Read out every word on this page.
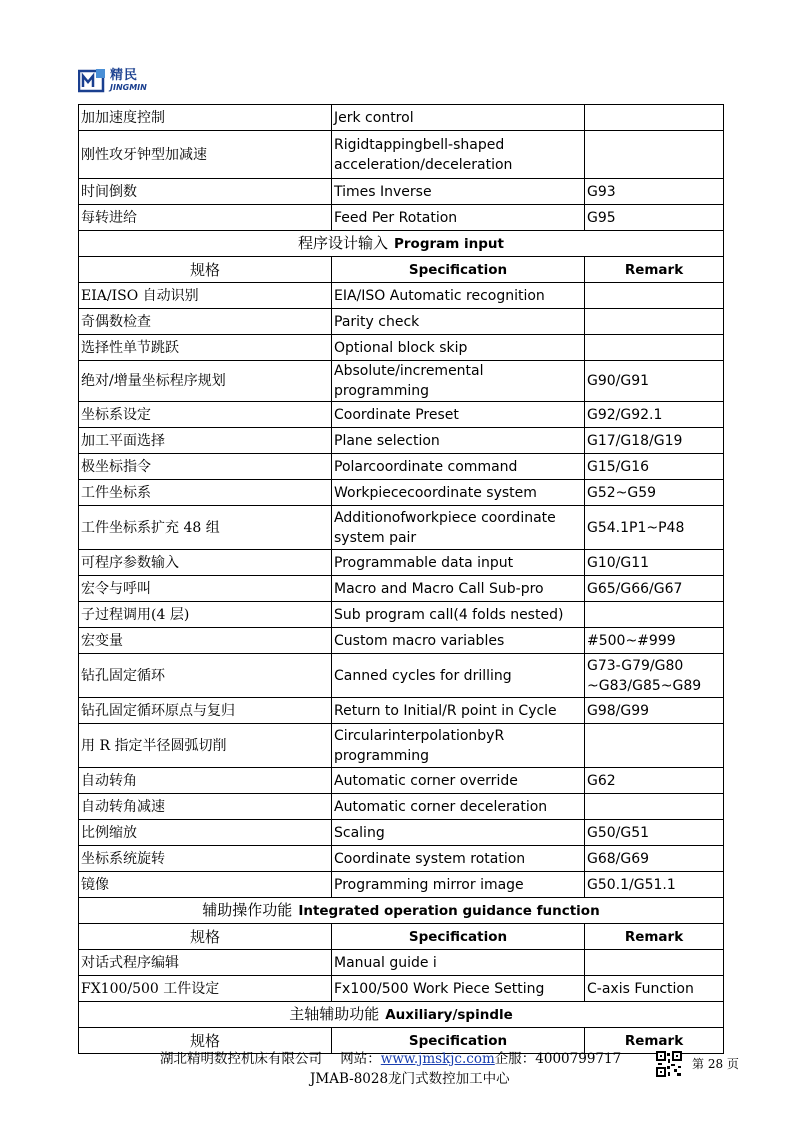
精民
JINGMIN
加加速度控制	Jerk control	
刚性攻牙钟型加减速	Rigidtappingbell-shaped acceleration/deceleration	
时间倒数	Times Inverse	G93
每转进给	Feed Per Rotation	G95
程序设计输入 Program input		
规格	Specification	Remark
EIA/ISO 自动识别	EIA/ISO Automatic recognition	
奇偶数检查	Parity check	
选择性单节跳跃	Optional block skip	
绝对/增量坐标程序规划	Absolute/incremental programming	G90/G91
坐标系设定	Coordinate Preset	G92/G92.1
加工平面选择	Plane selection	G17/G18/G19
极坐标指令	Polarcoordinate command	G15/G16
工件坐标系	Workpiececoordinate system	G52~G59
工件坐标系扩充 48 组	Additionofworkpiece coordinate system pair	G54.1P1~P48
可程序参数输入	Programmable data input	G10/G11
宏令与呼叫	Macro and Macro Call Sub-pro	G65/G66/G67
子过程调用(4 层)	Sub program call(4 folds nested)	
宏变量	Custom macro variables	#500~#999
钻孔固定循环	Canned cycles for drilling	G73-G79/G80 ~G83/G85~G89
钻孔固定循环原点与复归	Return to Initial/R point in Cycle	G98/G99
用 R 指定半径圆弧切削	CircularinterpolationbyR programming	
自动转角	Automatic corner override	G62
自动转角减速	Automatic corner deceleration	
比例缩放	Scaling	G50/G51
坐标系统旋转	Coordinate system rotation	G68/G69
镜像	Programming mirror image	G50.1/G51.1
辅助操作功能 Integrated operation guidance function		
规格	Specification	Remark
对话式程序编辑	Manual guide i	
FX100/500 工件设定	Fx100/500 Work Piece Setting	C-axis Function
主轴辅助功能 Auxiliary/spindle		
规格	Specification	Remark
湖北精明数控机床有限公司 网站：www.jmskjc.com企服：4000799717	第 28 页
JMAB-8028龙门式数控加工中心
